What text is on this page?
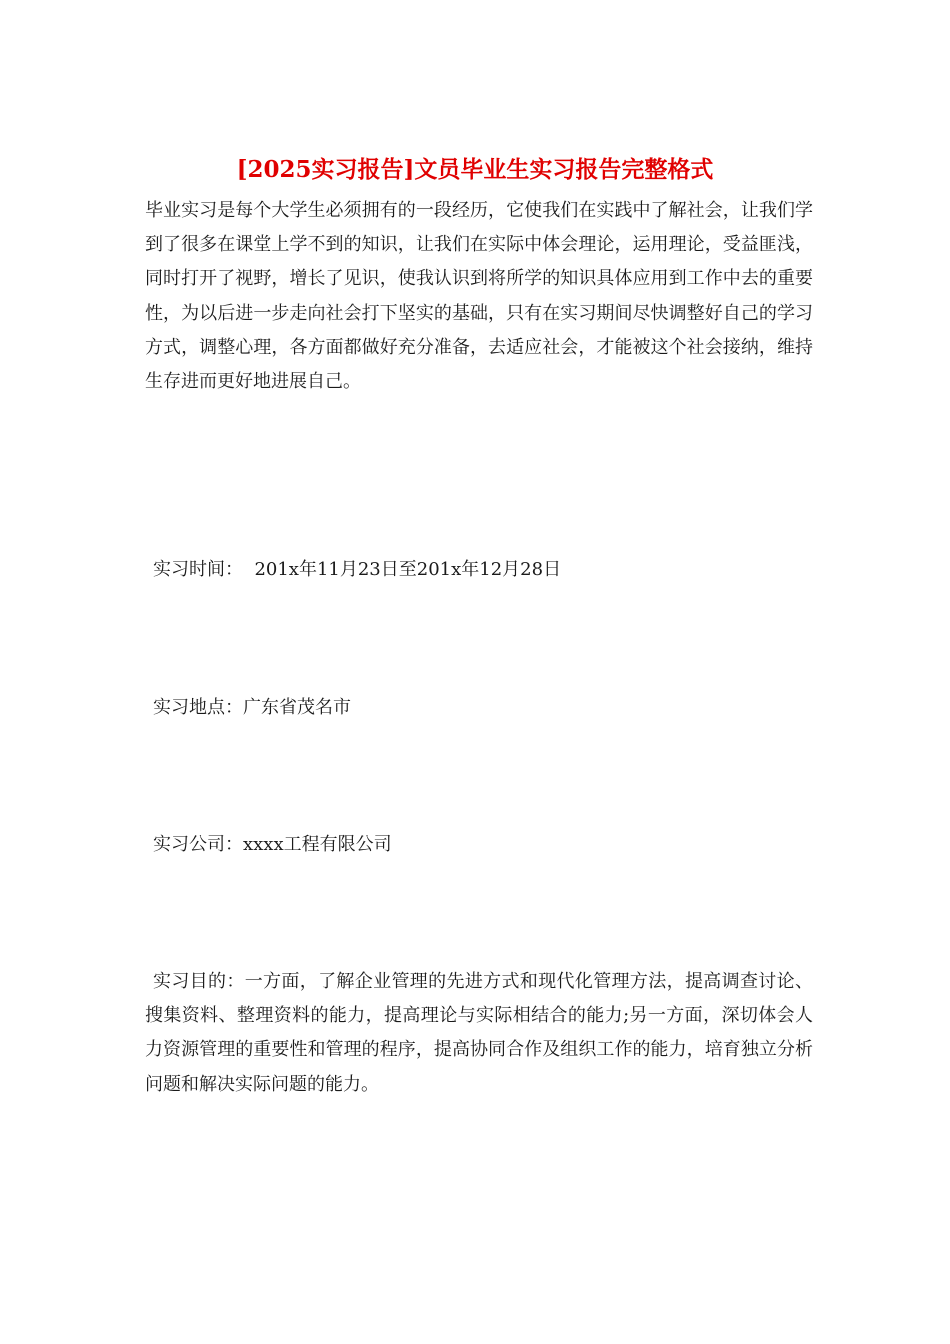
[2025实习报告]文员毕业生实习报告完整格式

毕业实习是每个大学生必须拥有的一段经历，它使我们在实践中了解社会，让我们学到了很多在课堂上学不到的知识，让我们在实际中体会理论，运用理论，受益匪浅，同时打开了视野，增长了见识，使我认识到将所学的知识具体应用到工作中去的重要性，为以后进一步走向社会打下坚实的基础，只有在实习期间尽快调整好自己的学习方式，调整心理，各方面都做好充分准备，去适应社会，才能被这个社会接纳，维持生存进而更好地进展自己。

实习时间：  201x年11月23日至201x年12月28日

实习地点：广东省茂名市

实习公司：xxxx工程有限公司

实习目的：一方面，了解企业管理的先进方式和现代化管理方法，提高调查讨论、搜集资料、整理资料的能力，提高理论与实际相结合的能力;另一方面，深切体会人力资源管理的重要性和管理的程序，提高协同合作及组织工作的能力，培育独立分析问题和解决实际问题的能力。
